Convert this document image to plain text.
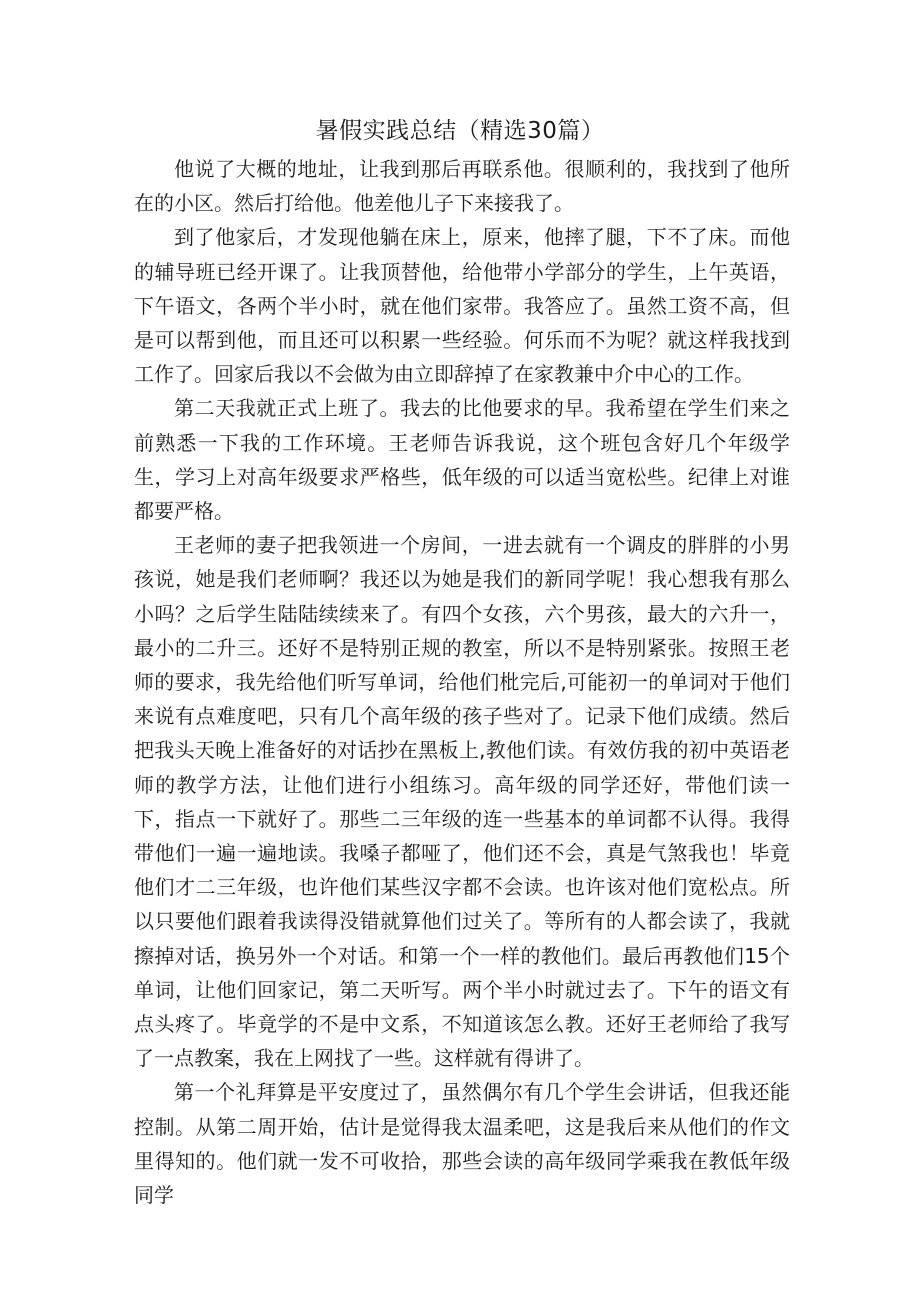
暑假实践总结（精选30篇）

他说了大概的地址，让我到那后再联系他。很顺利的，我找到了他所在的小区。然后打给他。他差他儿子下来接我了。

到了他家后，才发现他躺在床上，原来，他摔了腿，下不了床。而他的辅导班已经开课了。让我顶替他，给他带小学部分的学生，上午英语，下午语文，各两个半小时，就在他们家带。我答应了。虽然工资不高，但是可以帮到他，而且还可以积累一些经验。何乐而不为呢？就这样我找到工作了。回家后我以不会做为由立即辞掉了在家教兼中介中心的工作。

第二天我就正式上班了。我去的比他要求的早。我希望在学生们来之前熟悉一下我的工作环境。王老师告诉我说，这个班包含好几个年级学生，学习上对高年级要求严格些，低年级的可以适当宽松些。纪律上对谁都要严格。

王老师的妻子把我领进一个房间，一进去就有一个调皮的胖胖的小男孩说，她是我们老师啊？我还以为她是我们的新同学呢！我心想我有那么小吗？之后学生陆陆续续来了。有四个女孩，六个男孩，最大的六升一，最小的二升三。还好不是特别正规的教室，所以不是特别紧张。按照王老师的要求，我先给他们听写单词，给他们枇完后,可能初一的单词对于他们来说有点难度吧，只有几个高年级的孩子些对了。记录下他们成绩。然后把我头天晚上准备好的对话抄在黑板上,教他们读。有效仿我的初中英语老师的教学方法，让他们进行小组练习。高年级的同学还好，带他们读一下，指点一下就好了。那些二三年级的连一些基本的单词都不认得。我得带他们一遍一遍地读。我嗓子都哑了，他们还不会，真是气煞我也！毕竟他们才二三年级，也许他们某些汉字都不会读。也许该对他们宽松点。所以只要他们跟着我读得没错就算他们过关了。等所有的人都会读了，我就擦掉对话，换另外一个对话。和第一个一样的教他们。最后再教他们15个单词，让他们回家记，第二天听写。两个半小时就过去了。下午的语文有点头疼了。毕竟学的不是中文系，不知道该怎么教。还好王老师给了我写了一点教案，我在上网找了一些。这样就有得讲了。

第一个礼拜算是平安度过了，虽然偶尔有几个学生会讲话，但我还能控制。从第二周开始，估计是觉得我太温柔吧，这是我后来从他们的作文里得知的。他们就一发不可收拾，那些会读的高年级同学乘我在教低年级同学
